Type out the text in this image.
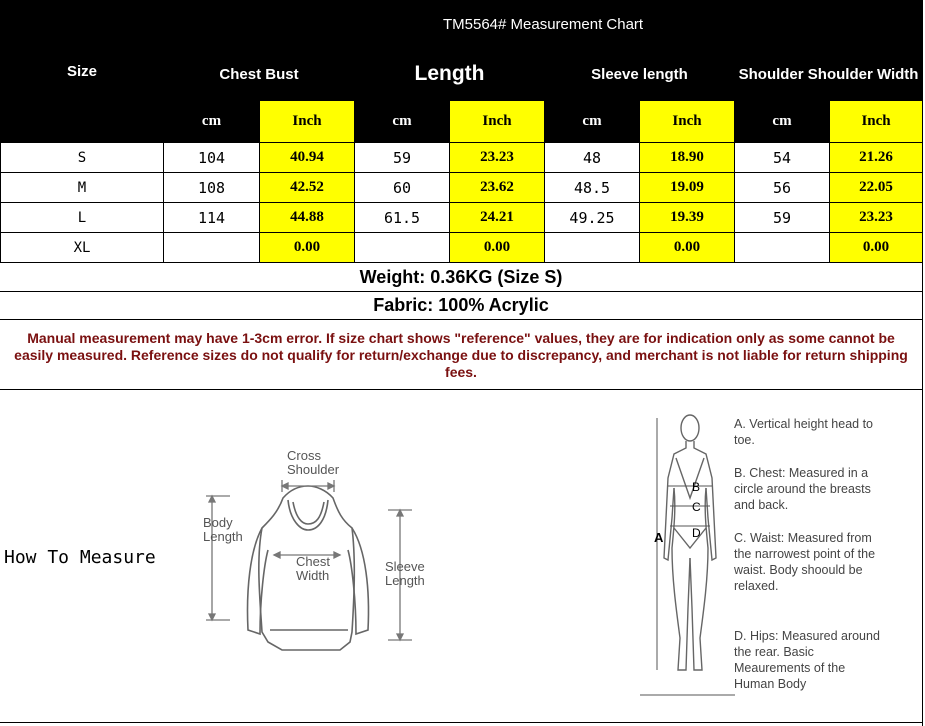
Size	TM5564# Measurement Chart							
	Chest Bust		Length		Sleeve length		Shoulder Shoulder Width	
	cm	Inch	cm	Inch	cm	Inch	cm	Inch
S	104	40.94	59	23.23	48	18.90	54	21.26
M	108	42.52	60	23.62	48.5	19.09	56	22.05
L	114	44.88	61.5	24.21	49.25	19.39	59	23.23
XL		0.00		0.00		0.00		0.00
Weight: 0.36KG (Size S)
Fabric: 100% Acrylic
Manual measurement may have 1-3cm error. If size chart shows "reference" values, they are for indication only as some cannot be easily measured. Reference sizes do not qualify for return/exchange due to discrepancy, and merchant is not liable for return shipping fees.
How To Measure
Cross
Shoulder
Body
Length
Chest
Width
Sleeve
Length
A
B
C
D
A. Vertical height head to toe.
B. Chest: Measured in a circle around the breasts and back.
C. Waist: Measured from the narrowest point of the waist. Body shoould be relaxed.
D. Hips: Measured around the rear. Basic Meaurements of the Human Body
